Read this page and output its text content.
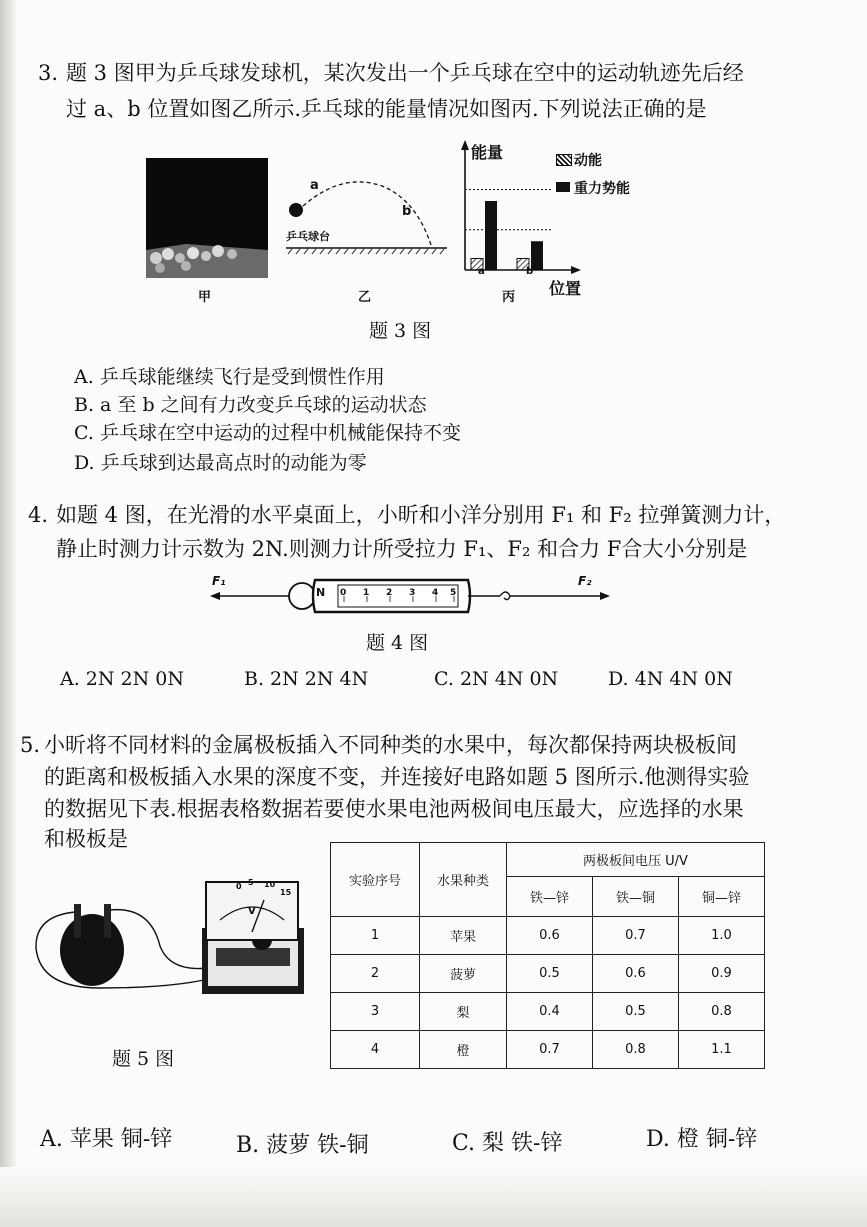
3. 题 3 图甲为乒乓球发球机，某次发出一个乒乓球在空中的运动轨迹先后经
过 a、b 位置如图乙所示.乒乓球的能量情况如图丙.下列说法正确的是
甲
a
b
乒乓球台
乙
能量
位置
a	b
丙
动能
重力势能
题 3 图
A. 乒乓球能继续飞行是受到惯性作用
B. a 至 b 之间有力改变乒乓球的运动状态
C. 乒乓球在空中运动的过程中机械能保持不变
D. 乒乓球到达最高点时的动能为零
4. 如题 4 图，在光滑的水平桌面上，小昕和小洋分别用 F₁ 和 F₂ 拉弹簧测力计，
静止时测力计示数为 2N.则测力计所受拉力 F₁、F₂ 和合力 F合大小分别是
N 0 1 2 3 4 5
F₁	F₂
题 4 图
A. 2N 2N 0N	B. 2N 2N 4N	C. 2N 4N 0N	D. 4N 4N 0N
5. 小昕将不同材料的金属极板插入不同种类的水果中，每次都保持两块极板间
的距离和极板插入水果的深度不变，并连接好电路如题 5 图所示.他测得实验
的数据见下表.根据表格数据若要使水果电池两极间电压最大，应选择的水果
和极板是
0 5 10
15
V
题 5 图
实验序号	水果种类	两极板间电压 U/V		
		铁—锌	铁—铜	铜—锌
1	苹果	0.6	0.7	1.0
2	菠萝	0.5	0.6	0.9
3	梨	0.4	0.5	0.8
4	橙	0.7	0.8	1.1
A. 苹果 铜-锌	B. 菠萝 铁-铜	C. 梨 铁-锌	D. 橙 铜-锌
